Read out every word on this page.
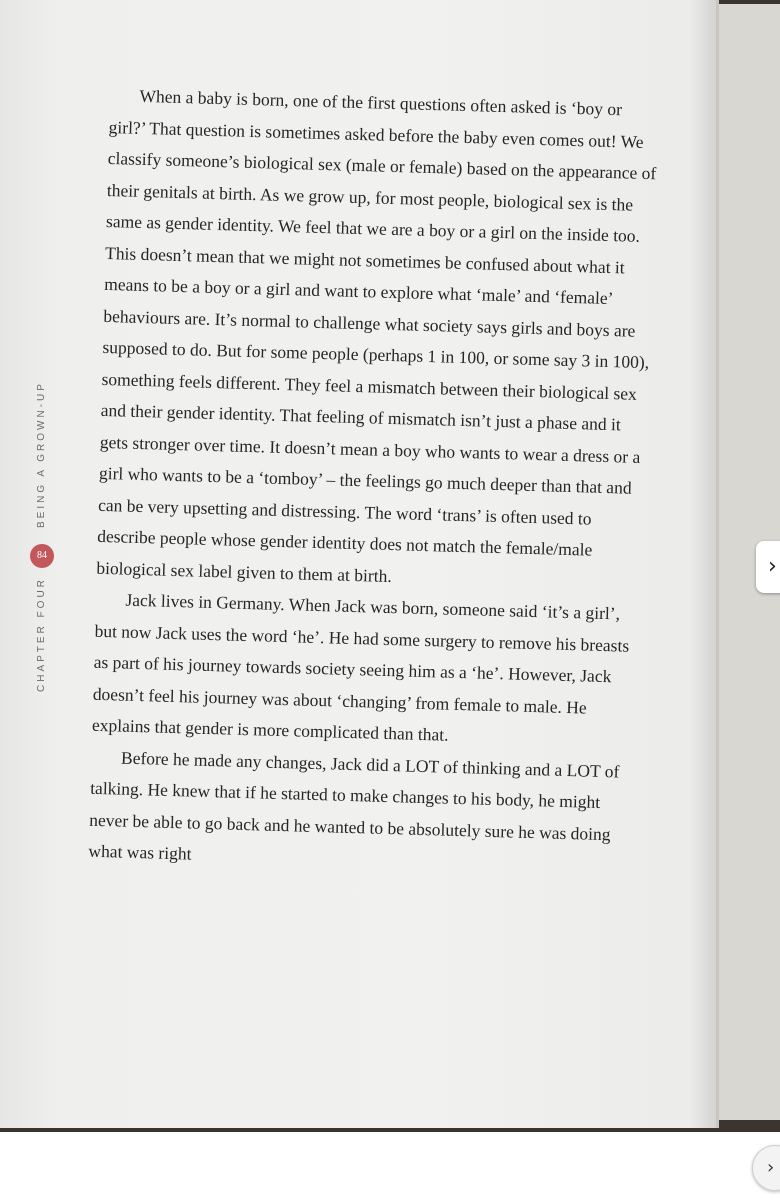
CHAPTER FOUR
84
BEING A GROWN-UP

When a baby is born, one of the first questions often asked is ‘boy or girl?’ That question is sometimes asked before the baby even comes out! We classify someone’s biological sex (male or female) based on the appearance of their genitals at birth. As we grow up, for most people, biological sex is the same as gender identity. We feel that we are a boy or a girl on the inside too. This doesn’t mean that we might not sometimes be confused about what it means to be a boy or a girl and want to explore what ‘male’ and ‘female’ behaviours are. It’s normal to challenge what society says girls and boys are supposed to do. But for some people (perhaps 1 in 100, or some say 3 in 100), something feels different. They feel a mismatch between their biological sex and their gender identity. That feeling of mismatch isn’t just a phase and it gets stronger over time. It doesn’t mean a boy who wants to wear a dress or a girl who wants to be a ‘tomboy’ – the feelings go much deeper than that and can be very upsetting and distressing. The word ‘trans’ is often used to describe people whose gender identity does not match the female/male biological sex label given to them at birth.

Jack lives in Germany. When Jack was born, someone said ‘it’s a girl’, but now Jack uses the word ‘he’. He had some surgery to remove his breasts as part of his journey towards society seeing him as a ‘he’. However, Jack doesn’t feel his journey was about ‘changing’ from female to male. He explains that gender is more complicated than that.

Before he made any changes, Jack did a LOT of thinking and a LOT of talking. He knew that if he started to make changes to his body, he might never be able to go back and he wanted to be absolutely sure he was doing what was right

›
›
